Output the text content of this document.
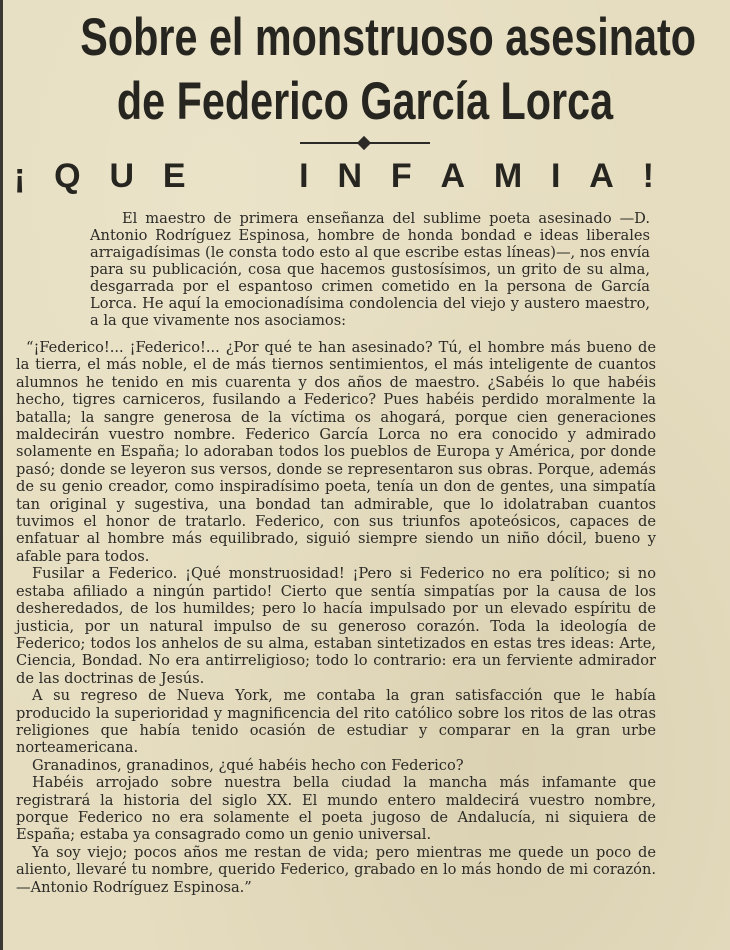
Sobre el monstruoso asesinato
de Federico García Lorca
¡ Q U E	I N F A M I A !

El maestro de primera enseñanza del sublime poeta asesinado —D. Antonio Rodríguez Espinosa, hombre de honda bondad e ideas liberales arraigadísimas (le consta todo esto al que escribe estas líneas)—, nos envía para su publicación, cosa que hacemos gustosísimos, un grito de su alma, desgarrada por el espantoso crimen cometido en la persona de García Lorca. He aquí la emocionadísima condolencia del viejo y austero maestro, a la que vivamente nos asociamos:

“¡Federico!... ¡Federico!... ¿Por qué te han asesinado? Tú, el hombre más bueno de la tierra, el más noble, el de más tiernos sentimientos, el más inteligente de cuantos alumnos he tenido en mis cuarenta y dos años de maestro. ¿Sabéis lo que habéis hecho, tigres carniceros, fusilando a Federico? Pues habéis perdido moralmente la batalla; la sangre generosa de la víctima os ahogará, porque cien generaciones maldecirán vuestro nombre. Federico García Lorca no era conocido y admirado solamente en España; lo adoraban todos los pueblos de Europa y América, por donde pasó; donde se leyeron sus versos, donde se representaron sus obras. Porque, además de su genio creador, como inspiradísimo poeta, tenía un don de gentes, una simpatía tan original y sugestiva, una bondad tan admirable, que lo idolatraban cuantos tuvimos el honor de tratarlo. Federico, con sus triunfos apoteósicos, capaces de enfatuar al hombre más equilibrado, siguió siempre siendo un niño dócil, bueno y afable para todos.

Fusilar a Federico. ¡Qué monstruosidad! ¡Pero si Federico no era político; si no estaba afiliado a ningún partido! Cierto que sentía simpatías por la causa de los desheredados, de los humildes; pero lo hacía impulsado por un elevado espíritu de justicia, por un natural impulso de su generoso corazón. Toda la ideología de Federico; todos los anhelos de su alma, estaban sintetizados en estas tres ideas: Arte, Ciencia, Bondad. No era antirreligioso; todo lo contrario: era un ferviente admirador de las doctrinas de Jesús.

A su regreso de Nueva York, me contaba la gran satisfacción que le había producido la superioridad y magnificencia del rito católico sobre los ritos de las otras religiones que había tenido ocasión de estudiar y comparar en la gran urbe norteamericana.

Granadinos, granadinos, ¿qué habéis hecho con Federico?

Habéis arrojado sobre nuestra bella ciudad la mancha más infamante que registrará la historia del siglo XX. El mundo entero maldecirá vuestro nombre, porque Federico no era solamente el poeta jugoso de Andalucía, ni siquiera de España; estaba ya consagrado como un genio universal.

Ya soy viejo; pocos años me restan de vida; pero mientras me quede un poco de aliento, llevaré tu nombre, querido Federico, grabado en lo más hondo de mi corazón.—Antonio Rodríguez Espinosa.”
